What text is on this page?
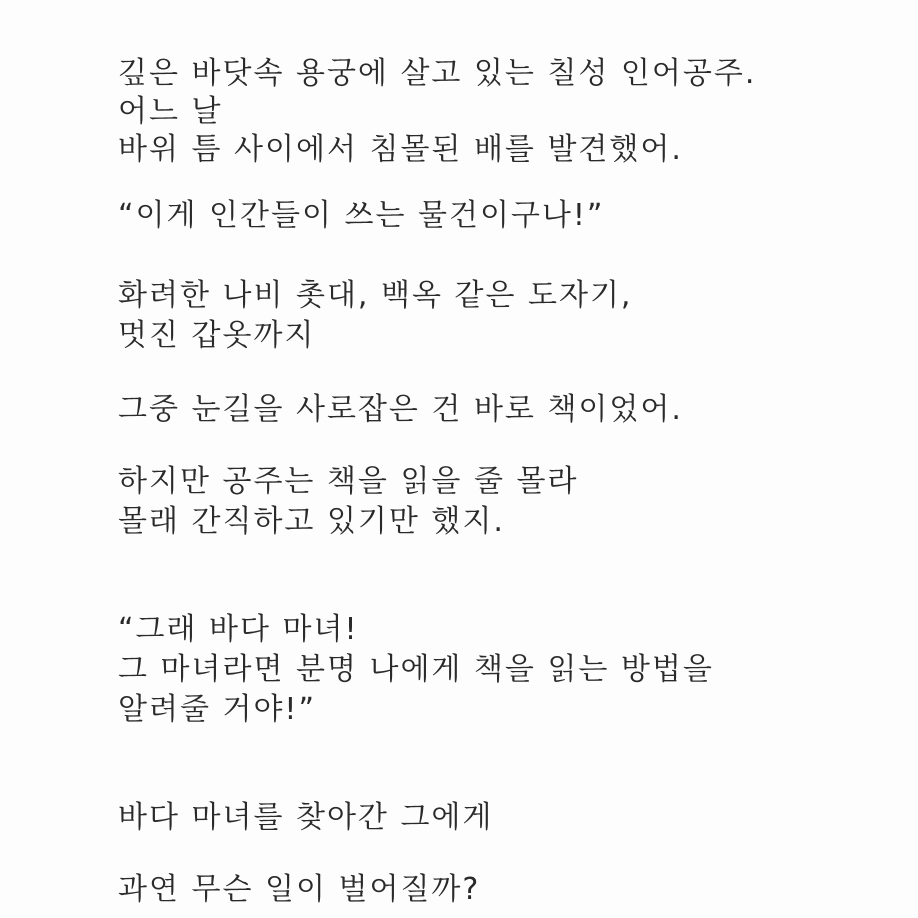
깊은 바닷속 용궁에 살고 있는 칠성 인어공주.
어느 날
바위 틈 사이에서 침몰된 배를 발견했어.
“이게 인간들이 쓰는 물건이구나!”
화려한 나비 촛대, 백옥 같은 도자기,
멋진 갑옷까지
그중 눈길을 사로잡은 건 바로 책이었어.
하지만 공주는 책을 읽을 줄 몰라
몰래 간직하고 있기만 했지.
“그래 바다 마녀!
그 마녀라면 분명 나에게 책을 읽는 방법을
알려줄 거야!”
바다 마녀를 찾아간 그에게
과연 무슨 일이 벌어질까?
